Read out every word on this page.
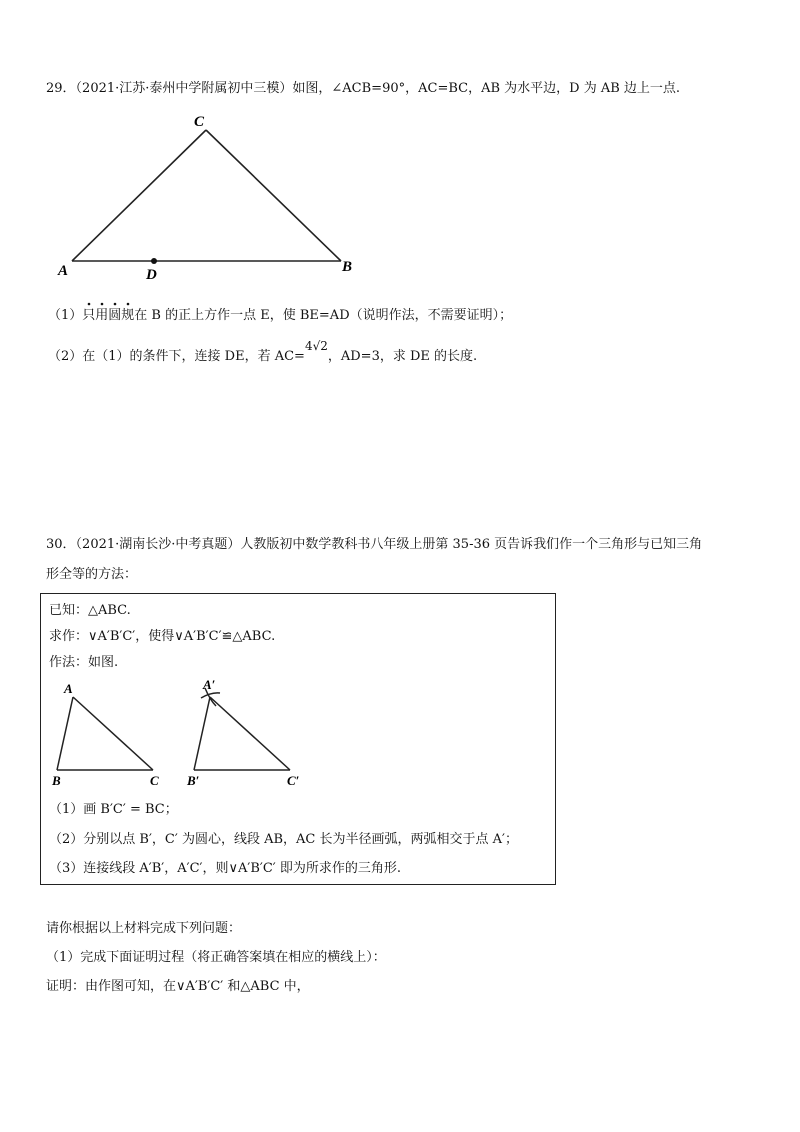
29．（2021·江苏·泰州中学附属初中三模）如图，∠ACB=90°，AC=BC，AB 为水平边，D 为 AB 边上一点.
C
A	B
D
（1）只用圆规在 B 的正上方作一点 E，使 BE=AD（说明作法，不需要证明）；
（2）在（1）的条件下，连接 DE，若 AC=4√2，AD=3，求 DE 的长度.
30．（2021·湖南长沙·中考真题）人教版初中数学教科书八年级上册第 35-36 页告诉我们作一个三角形与已知三角
形全等的方法：
已知：△ABC.
求作：∨A′B′C′，使得∨A′B′C′≌△ABC.
作法：如图.
A
B	C
A′
B′	C′
（1）画 B′C′ = BC；
（2）分别以点 B′，C′ 为圆心，线段 AB，AC 长为半径画弧，两弧相交于点 A′；
（3）连接线段 A′B′，A′C′，则∨A′B′C′ 即为所求作的三角形.
请你根据以上材料完成下列问题：
（1）完成下面证明过程（将正确答案填在相应的横线上）：
证明：由作图可知，在∨A′B′C′ 和△ABC 中，
